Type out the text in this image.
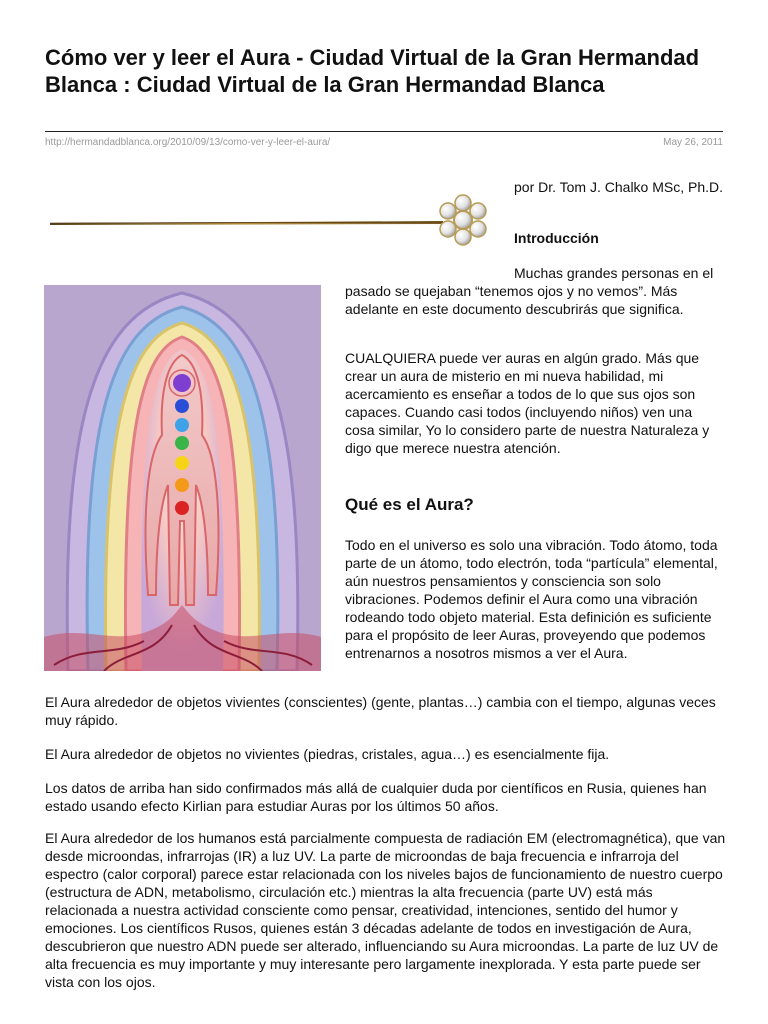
Cómo ver y leer el Aura - Ciudad Virtual de la Gran Hermandad Blanca : Ciudad Virtual de la Gran Hermandad Blanca
http://hermandadblanca.org/2010/09/13/como-ver-y-leer-el-aura/	May 26, 2011

por Dr. Tom J. Chalko MSc, Ph.D.

Introducción

Muchas grandes personas en el pasado se quejaban “tenemos ojos y no vemos”. Más adelante en este documento descubrirás que significa.

CUALQUIERA puede ver auras en algún grado. Más que crear un aura de misterio en mi nueva habilidad, mi acercamiento es enseñar a todos de lo que sus ojos son capaces. Cuando casi todos (incluyendo niños) ven una cosa similar, Yo lo considero parte de nuestra Naturaleza y digo que merece nuestra atención.

Qué es el Aura?

Todo en el universo es solo una vibración. Todo átomo, toda parte de un átomo, todo electrón, toda “partícula” elemental, aún nuestros pensamientos y consciencia son solo vibraciones. Podemos definir el Aura como una vibración rodeando todo objeto material. Esta definición es suficiente para el propósito de leer Auras, proveyendo que podemos entrenarnos a nosotros mismos a ver el Aura.

El Aura alrededor de objetos vivientes (conscientes) (gente, plantas…) cambia con el tiempo, algunas veces muy rápido.

El Aura alrededor de objetos no vivientes (piedras, cristales, agua…) es esencialmente fija.

Los datos de arriba han sido confirmados más allá de cualquier duda por científicos en Rusia, quienes han estado usando efecto Kirlian para estudiar Auras por los últimos 50 años.

El Aura alrededor de los humanos está parcialmente compuesta de radiación EM (electromagnética), que van desde microondas, infrarrojas (IR) a luz UV. La parte de microondas de baja frecuencia e infrarroja del espectro (calor corporal) parece estar relacionada con los niveles bajos de funcionamiento de nuestro cuerpo (estructura de ADN, metabolismo, circulación etc.) mientras la alta frecuencia (parte UV) está más relacionada a nuestra actividad consciente como pensar, creatividad, intenciones, sentido del humor y emociones. Los científicos Rusos, quienes están 3 décadas adelante de todos en investigación de Aura, descubrieron que nuestro ADN puede ser alterado, influenciando su Aura microondas. La parte de luz UV de alta frecuencia es muy importante y muy interesante pero largamente inexplorada. Y esta parte puede ser vista con los ojos.
